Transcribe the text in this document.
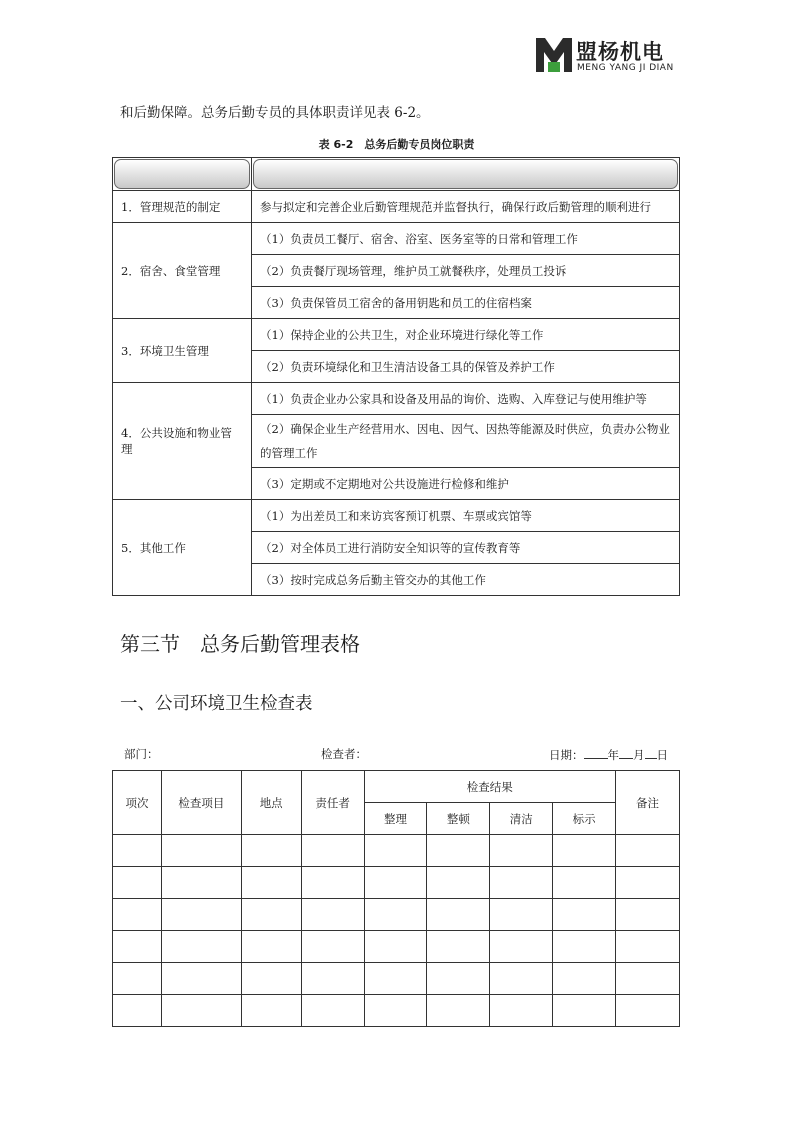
盟杨机电
MENG YANG JI DIAN
和后勤保障。总务后勤专员的具体职责详见表 6-2。
表 6-2　总务后勤专员岗位职责

1．管理规范的制定	参与拟定和完善企业后勤管理规范并监督执行，确保行政后勤管理的顺利进行
2．宿舍、食堂管理	（1）负责员工餐厅、宿舍、浴室、医务室等的日常和管理工作
	（2）负责餐厅现场管理，维护员工就餐秩序，处理员工投诉
	（3）负责保管员工宿舍的备用钥匙和员工的住宿档案
3．环境卫生管理	（1）保持企业的公共卫生，对企业环境进行绿化等工作
	（2）负责环境绿化和卫生清洁设备工具的保管及养护工作
4．公共设施和物业管理	（1）负责企业办公家具和设备及用品的询价、选购、入库登记与使用维护等
	（2）确保企业生产经营用水、因电、因气、因热等能源及时供应，负责办公物业的管理工作
	（3）定期或不定期地对公共设施进行检修和维护
5．其他工作	（1）为出差员工和来访宾客预订机票、车票或宾馆等
	（2）对全体员工进行消防安全知识等的宣传教育等
	（3）按时完成总务后勤主管交办的其他工作
第三节　总务后勤管理表格
一、公司环境卫生检查表
部门：	检查者：	日期： 年 月 日
项次	检查项目	地点	责任者	检查结果				备注
				整理	整顿	清洁	标示	
